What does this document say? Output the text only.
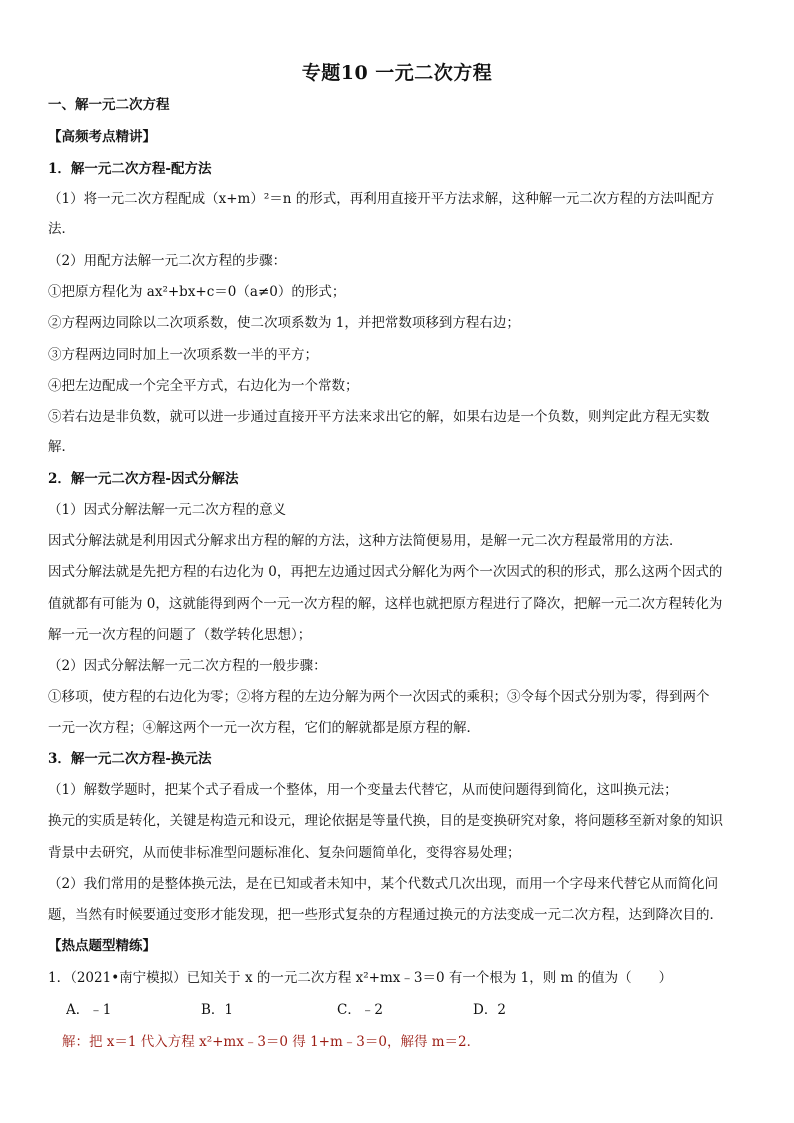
专题10 一元二次方程
一、解一元二次方程
【高频考点精讲】
1．解一元二次方程-配方法
（1）将一元二次方程配成（x+m）²＝n 的形式，再利用直接开平方法求解，这种解一元二次方程的方法叫配方
法．
（2）用配方法解一元二次方程的步骤：
①把原方程化为 ax²+bx+c＝0（a≠0）的形式；
②方程两边同除以二次项系数，使二次项系数为 1，并把常数项移到方程右边；
③方程两边同时加上一次项系数一半的平方；
④把左边配成一个完全平方式，右边化为一个常数；
⑤若右边是非负数，就可以进一步通过直接开平方法来求出它的解，如果右边是一个负数，则判定此方程无实数
解．
2．解一元二次方程-因式分解法
（1）因式分解法解一元二次方程的意义
因式分解法就是利用因式分解求出方程的解的方法，这种方法简便易用，是解一元二次方程最常用的方法．
因式分解法就是先把方程的右边化为 0，再把左边通过因式分解化为两个一次因式的积的形式，那么这两个因式的
值就都有可能为 0，这就能得到两个一元一次方程的解，这样也就把原方程进行了降次，把解一元二次方程转化为
解一元一次方程的问题了（数学转化思想）；
（2）因式分解法解一元二次方程的一般步骤：
①移项，使方程的右边化为零；②将方程的左边分解为两个一次因式的乘积；③令每个因式分别为零，得到两个
一元一次方程；④解这两个一元一次方程，它们的解就都是原方程的解．
3．解一元二次方程-换元法
（1）解数学题时，把某个式子看成一个整体，用一个变量去代替它，从而使问题得到简化，这叫换元法；
换元的实质是转化，关键是构造元和设元，理论依据是等量代换，目的是变换研究对象，将问题移至新对象的知识
背景中去研究，从而使非标准型问题标准化、复杂问题简单化，变得容易处理；
（2）我们常用的是整体换元法，是在已知或者未知中，某个代数式几次出现，而用一个字母来代替它从而简化问
题，当然有时候要通过变形才能发现，把一些形式复杂的方程通过换元的方法变成一元二次方程，达到降次目的．
【热点题型精练】
1．（2021•南宁模拟）已知关于 x 的一元二次方程 x²+mx﹣3＝0 有一个根为 1，则 m 的值为（　　）
A．﹣1	B．1	C．﹣2	D．2
解：把 x＝1 代入方程 x²+mx﹣3＝0 得 1+m﹣3＝0，解得 m＝2．
